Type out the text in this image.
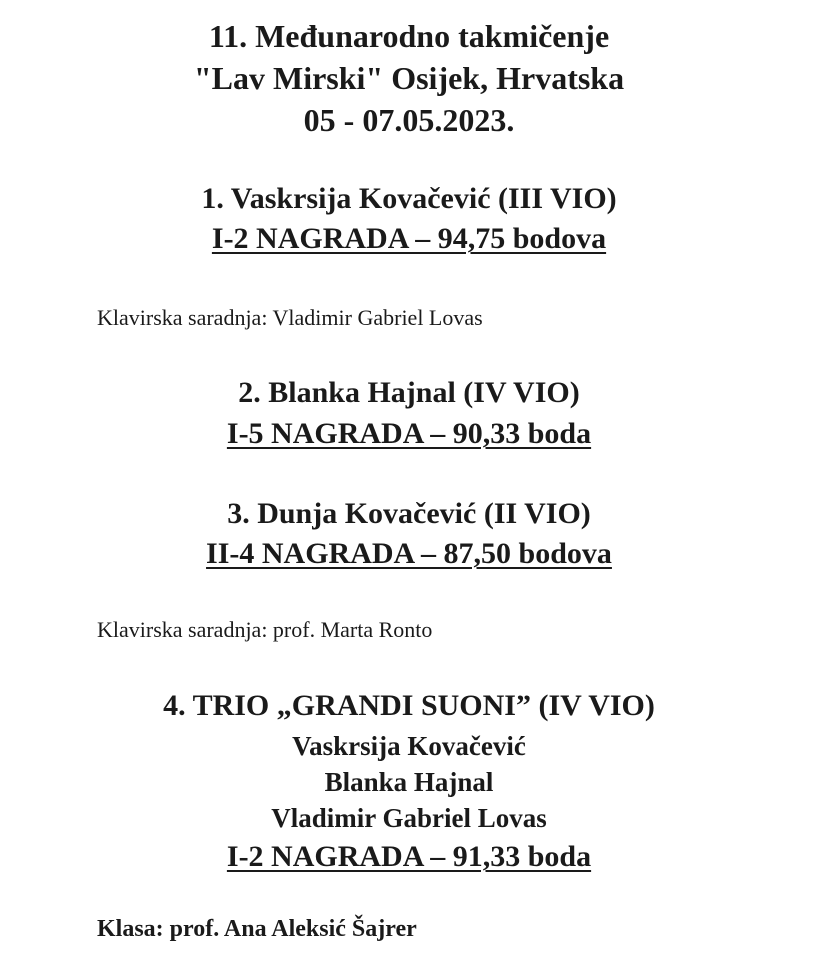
11. Međunarodno takmičenje
"Lav Mirski" Osijek, Hrvatska
05 - 07.05.2023.
1. Vaskrsija Kovačević (III VIO)
I-2 NAGRADA – 94,75 bodova
Klavirska saradnja: Vladimir Gabriel Lovas
2. Blanka Hajnal (IV VIO)
I-5 NAGRADA – 90,33 boda
3. Dunja Kovačević (II VIO)
II-4 NAGRADA – 87,50 bodova
Klavirska saradnja: prof. Marta Ronto
4. TRIO „GRANDI SUONI” (IV VIO)
Vaskrsija Kovačević
Blanka Hajnal
Vladimir Gabriel Lovas
I-2 NAGRADA – 91,33 boda
Klasa: prof. Ana Aleksić Šajrer
